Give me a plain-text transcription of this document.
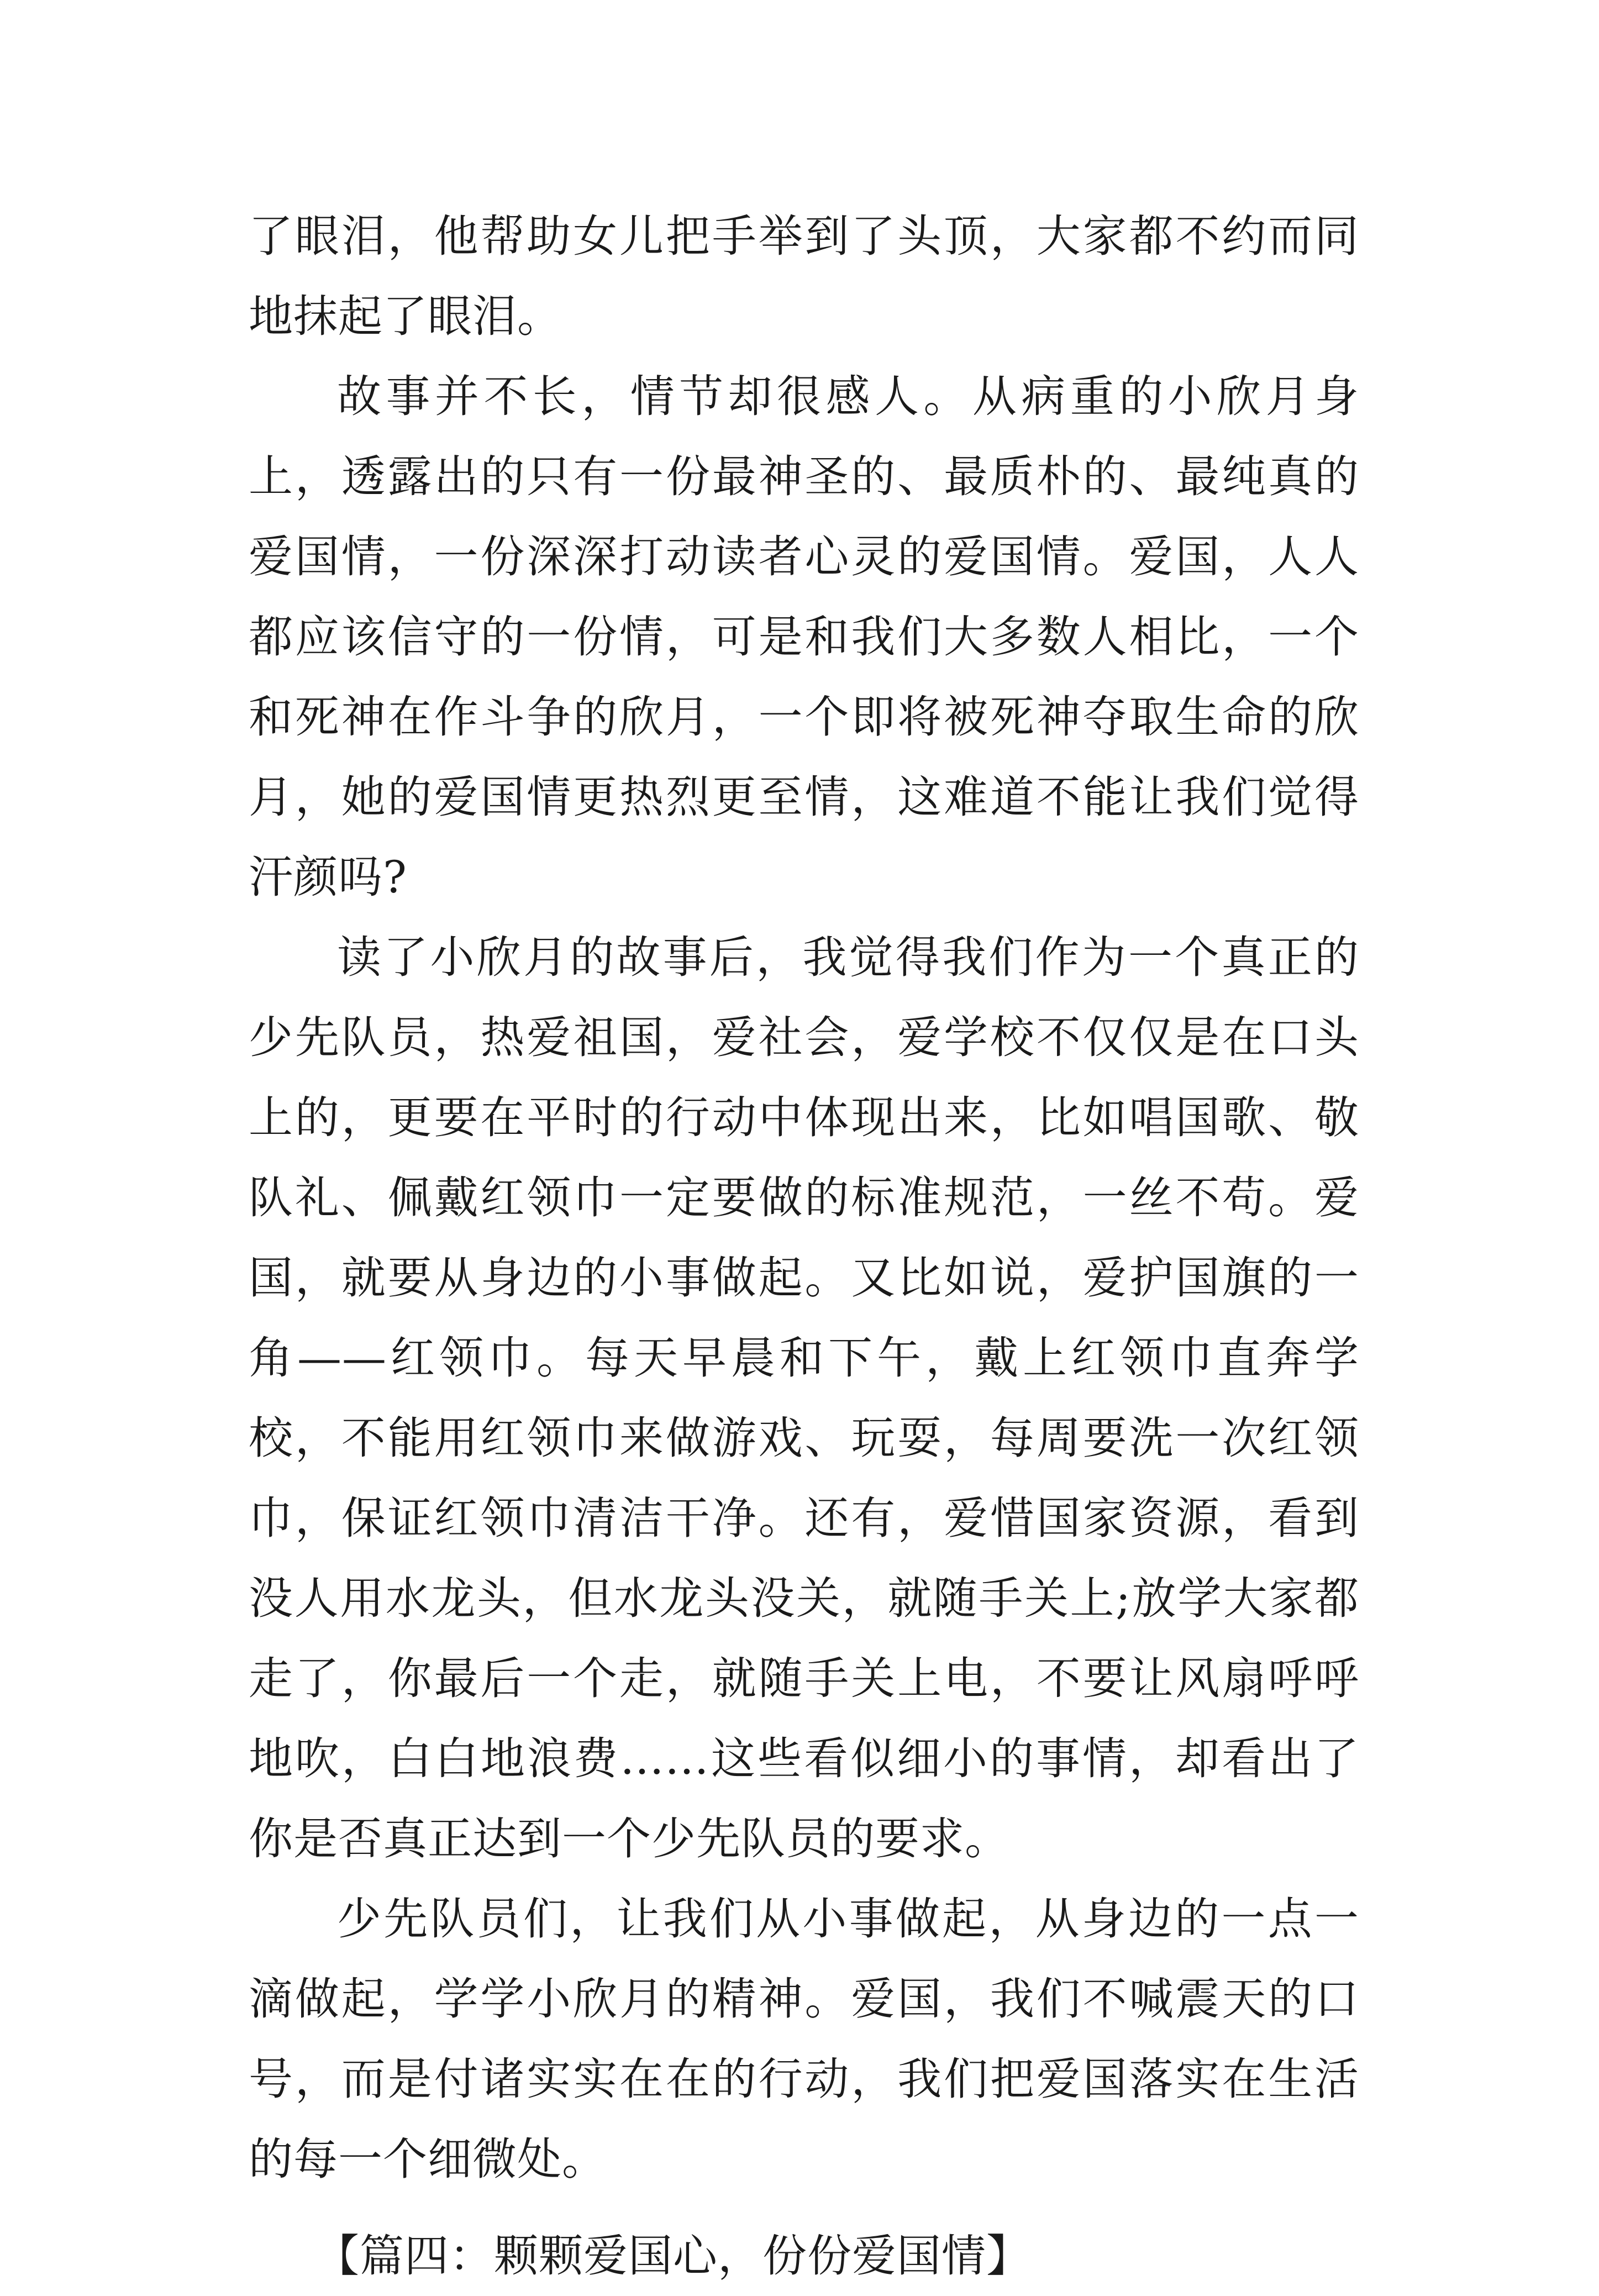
了眼泪，他帮助女儿把手举到了头顶，大家都不约而同地抹起了眼泪。

故事并不长，情节却很感人。从病重的小欣月身上，透露出的只有一份最神圣的、最质朴的、最纯真的爱国情，一份深深打动读者心灵的爱国情。爱国，人人都应该信守的一份情，可是和我们大多数人相比，一个和死神在作斗争的欣月，一个即将被死神夺取生命的欣月，她的爱国情更热烈更至情，这难道不能让我们觉得汗颜吗?

读了小欣月的故事后，我觉得我们作为一个真正的少先队员，热爱祖国，爱社会，爱学校不仅仅是在口头上的，更要在平时的行动中体现出来，比如唱国歌、敬队礼、佩戴红领巾一定要做的标准规范，一丝不苟。爱国，就要从身边的小事做起。又比如说，爱护国旗的一角——红领巾。每天早晨和下午，戴上红领巾直奔学校，不能用红领巾来做游戏、玩耍，每周要洗一次红领巾，保证红领巾清洁干净。还有，爱惜国家资源，看到没人用水龙头，但水龙头没关，就随手关上;放学大家都走了，你最后一个走，就随手关上电，不要让风扇呼呼地吹，白白地浪费……这些看似细小的事情，却看出了你是否真正达到一个少先队员的要求。

少先队员们，让我们从小事做起，从身边的一点一滴做起，学学小欣月的精神。爱国，我们不喊震天的口号，而是付诸实实在在的行动，我们把爱国落实在生活的每一个细微处。

【篇四：颗颗爱国心，份份爱国情】
